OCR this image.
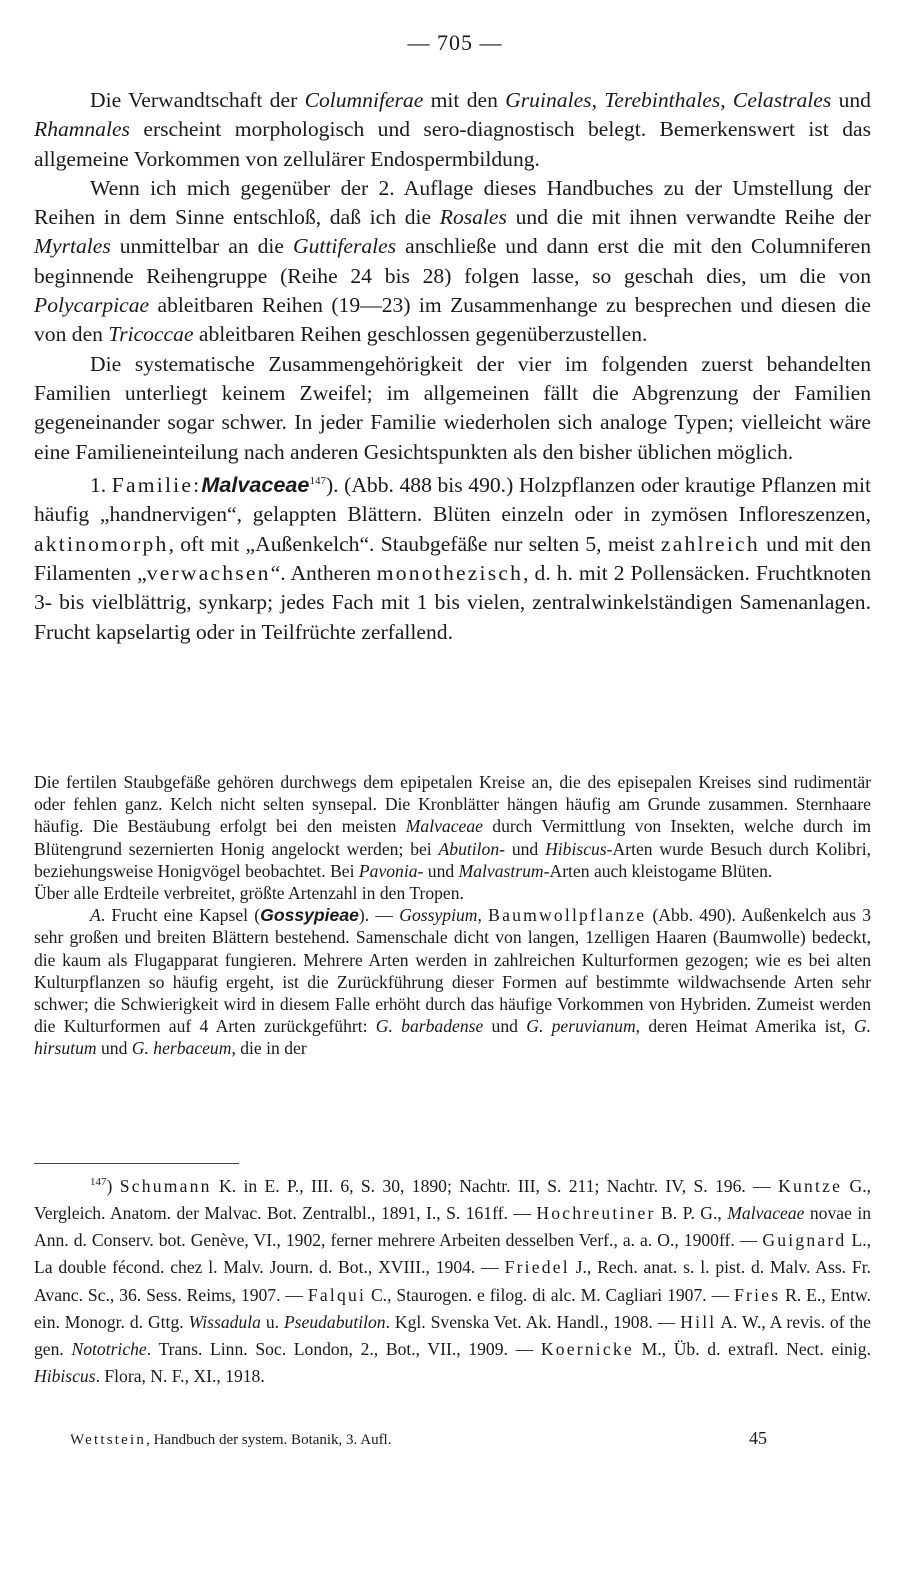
— 705 —

Die Verwandtschaft der Columniferae mit den Gruinales, Terebinthales, Celastrales und Rhamnales erscheint morphologisch und sero-diagnostisch belegt. Bemerkenswert ist das allgemeine Vorkommen von zellulärer Endospermbildung.

Wenn ich mich gegenüber der 2. Auflage dieses Handbuches zu der Umstellung der Reihen in dem Sinne entschloß, daß ich die Rosales und die mit ihnen verwandte Reihe der Myrtales unmittelbar an die Guttiferales anschließe und dann erst die mit den Columniferen beginnende Reihengruppe (Reihe 24 bis 28) folgen lasse, so geschah dies, um die von Polycarpicae ableitbaren Reihen (19—23) im Zusammenhange zu besprechen und diesen die von den Tricoccae ableitbaren Reihen geschlossen gegenüberzustellen.

Die systematische Zusammengehörigkeit der vier im folgenden zuerst behandelten Familien unterliegt keinem Zweifel; im allgemeinen fällt die Abgrenzung der Familien gegeneinander sogar schwer. In jeder Familie wiederholen sich analoge Typen; vielleicht wäre eine Familieneinteilung nach anderen Gesichtspunkten als den bisher üblichen möglich.

1. Familie:Malvaceae$^{147}$). (Abb. 488 bis 490.) Holzpflanzen oder krautige Pflanzen mit häufig „handnervigen“, gelappten Blättern. Blüten einzeln oder in zymösen Infloreszenzen, aktinomorph, oft mit „Außenkelch“. Staubgefäße nur selten 5, meist zahlreich und mit den Filamenten „verwachsen“. Antheren monothezisch, d. h. mit 2 Pollensäcken. Fruchtknoten 3- bis vielblättrig, synkarp; jedes Fach mit 1 bis vielen, zentralwinkelständigen Samenanlagen. Frucht kapselartig oder in Teilfrüchte zerfallend.

Die fertilen Staubgefäße gehören durchwegs dem epipetalen Kreise an, die des episepalen Kreises sind rudimentär oder fehlen ganz. Kelch nicht selten synsepal. Die Kronblätter hängen häufig am Grunde zusammen. Sternhaare häufig. Die Bestäubung erfolgt bei den meisten Malvaceae durch Vermittlung von Insekten, welche durch im Blütengrund sezernierten Honig angelockt werden; bei Abutilon- und Hibiscus-Arten wurde Besuch durch Kolibri, beziehungsweise Honigvögel beobachtet. Bei Pavonia- und Malvastrum-Arten auch kleistogame Blüten.

Über alle Erdteile verbreitet, größte Artenzahl in den Tropen.

A. Frucht eine Kapsel (Gossypieae). — Gossypium, Baumwollpflanze (Abb. 490). Außenkelch aus 3 sehr großen und breiten Blättern bestehend. Samenschale dicht von langen, 1zelligen Haaren (Baumwolle) bedeckt, die kaum als Flugapparat fungieren. Mehrere Arten werden in zahlreichen Kulturformen gezogen; wie es bei alten Kulturpflanzen so häufig ergeht, ist die Zurückführung dieser Formen auf bestimmte wildwachsende Arten sehr schwer; die Schwierigkeit wird in diesem Falle erhöht durch das häufige Vorkommen von Hybriden. Zumeist werden die Kulturformen auf 4 Arten zurückgeführt: G. barbadense und G. peruvianum, deren Heimat Amerika ist, G. hirsutum und G. herbaceum, die in der

$^{147}$) Schumann K. in E. P., III. 6, S. 30, 1890; Nachtr. III, S. 211; Nachtr. IV, S. 196. — Kuntze G., Vergleich. Anatom. der Malvac. Bot. Zentralbl., 1891, I., S. 161ff. — Hochreutiner B. P. G., Malvaceae novae in Ann. d. Conserv. bot. Genève, VI., 1902, ferner mehrere Arbeiten desselben Verf., a. a. O., 1900ff. — Guignard L., La double fécond. chez l. Malv. Journ. d. Bot., XVIII., 1904. — Friedel J., Rech. anat. s. l. pist. d. Malv. Ass. Fr. Avanc. Sc., 36. Sess. Reims, 1907. — Falqui C., Staurogen. e filog. di alc. M. Cagliari 1907. — Fries R. E., Entw. ein. Monogr. d. Gttg. Wissadula u. Pseudabutilon. Kgl. Svenska Vet. Ak. Handl., 1908. — Hill A. W., A revis. of the gen. Nototriche. Trans. Linn. Soc. London, 2., Bot., VII., 1909. — Koernicke M., Üb. d. extrafl. Nect. einig. Hibiscus. Flora, N. F., XI., 1918.

Wettstein, Handbuch der system. Botanik, 3. Aufl.	45
